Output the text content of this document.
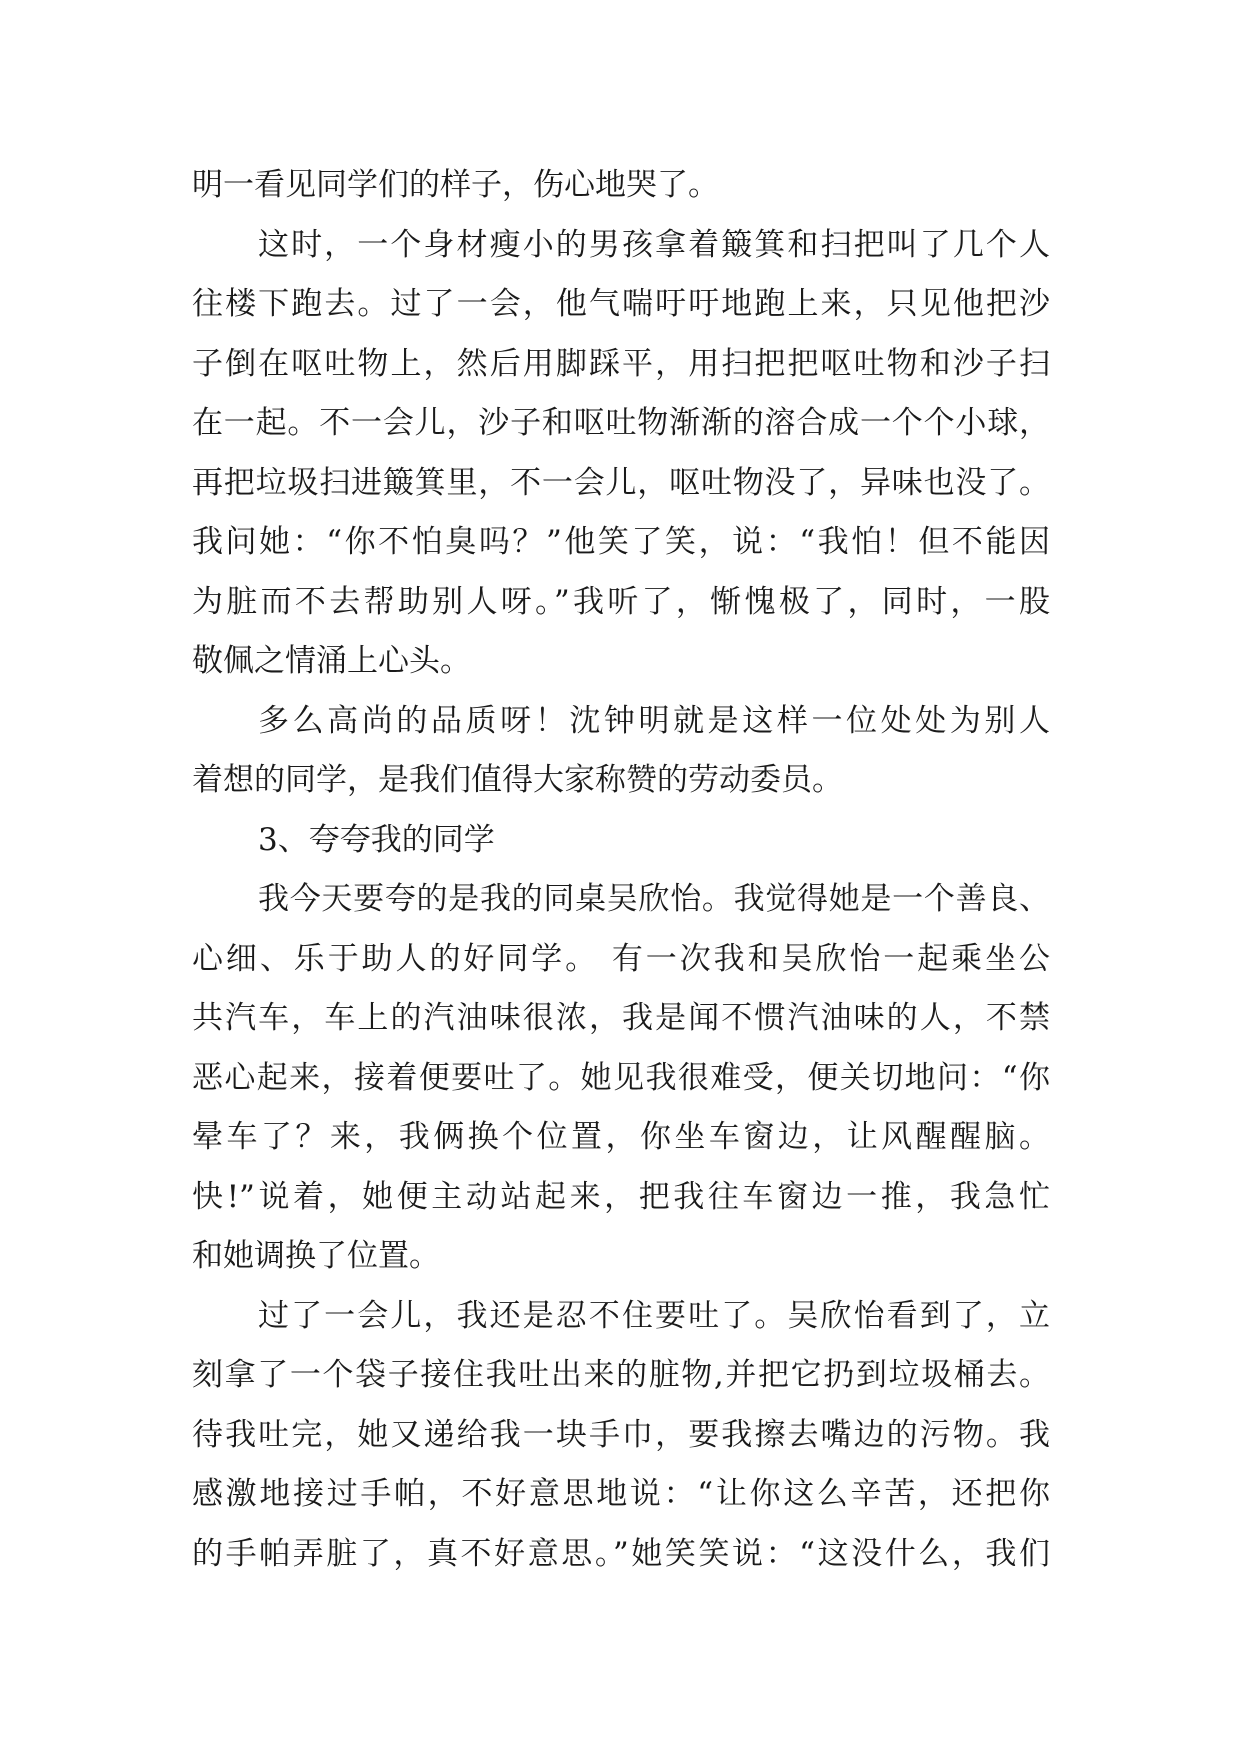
明一看见同学们的样子，伤心地哭了。
这时，一个身材瘦小的男孩拿着簸箕和扫把叫了几个人
往楼下跑去。过了一会，他气喘吁吁地跑上来，只见他把沙
子倒在呕吐物上，然后用脚踩平，用扫把把呕吐物和沙子扫
在一起。不一会儿，沙子和呕吐物渐渐的溶合成一个个小球，
再把垃圾扫进簸箕里，不一会儿，呕吐物没了，异味也没了。
我问她：“你不怕臭吗？”他笑了笑，说：“我怕！但不能因
为脏而不去帮助别人呀。”我听了，惭愧极了，同时，一股
敬佩之情涌上心头。
多么高尚的品质呀！沈钟明就是这样一位处处为别人
着想的同学，是我们值得大家称赞的劳动委员。
3、夸夸我的同学
我今天要夸的是我的同桌吴欣怡。我觉得她是一个善良、
心细、乐于助人的好同学。 有一次我和吴欣怡一起乘坐公
共汽车，车上的汽油味很浓，我是闻不惯汽油味的人，不禁
恶心起来，接着便要吐了。她见我很难受，便关切地问：“你
晕车了？来，我俩换个位置，你坐车窗边，让风醒醒脑。
快!”说着，她便主动站起来，把我往车窗边一推，我急忙
和她调换了位置。
过了一会儿，我还是忍不住要吐了。吴欣怡看到了，立
刻拿了一个袋子接住我吐出来的脏物,并把它扔到垃圾桶去。
待我吐完，她又递给我一块手巾，要我擦去嘴边的污物。我
感激地接过手帕，不好意思地说：“让你这么辛苦，还把你
的手帕弄脏了，真不好意思。”她笑笑说：“这没什么，我们
